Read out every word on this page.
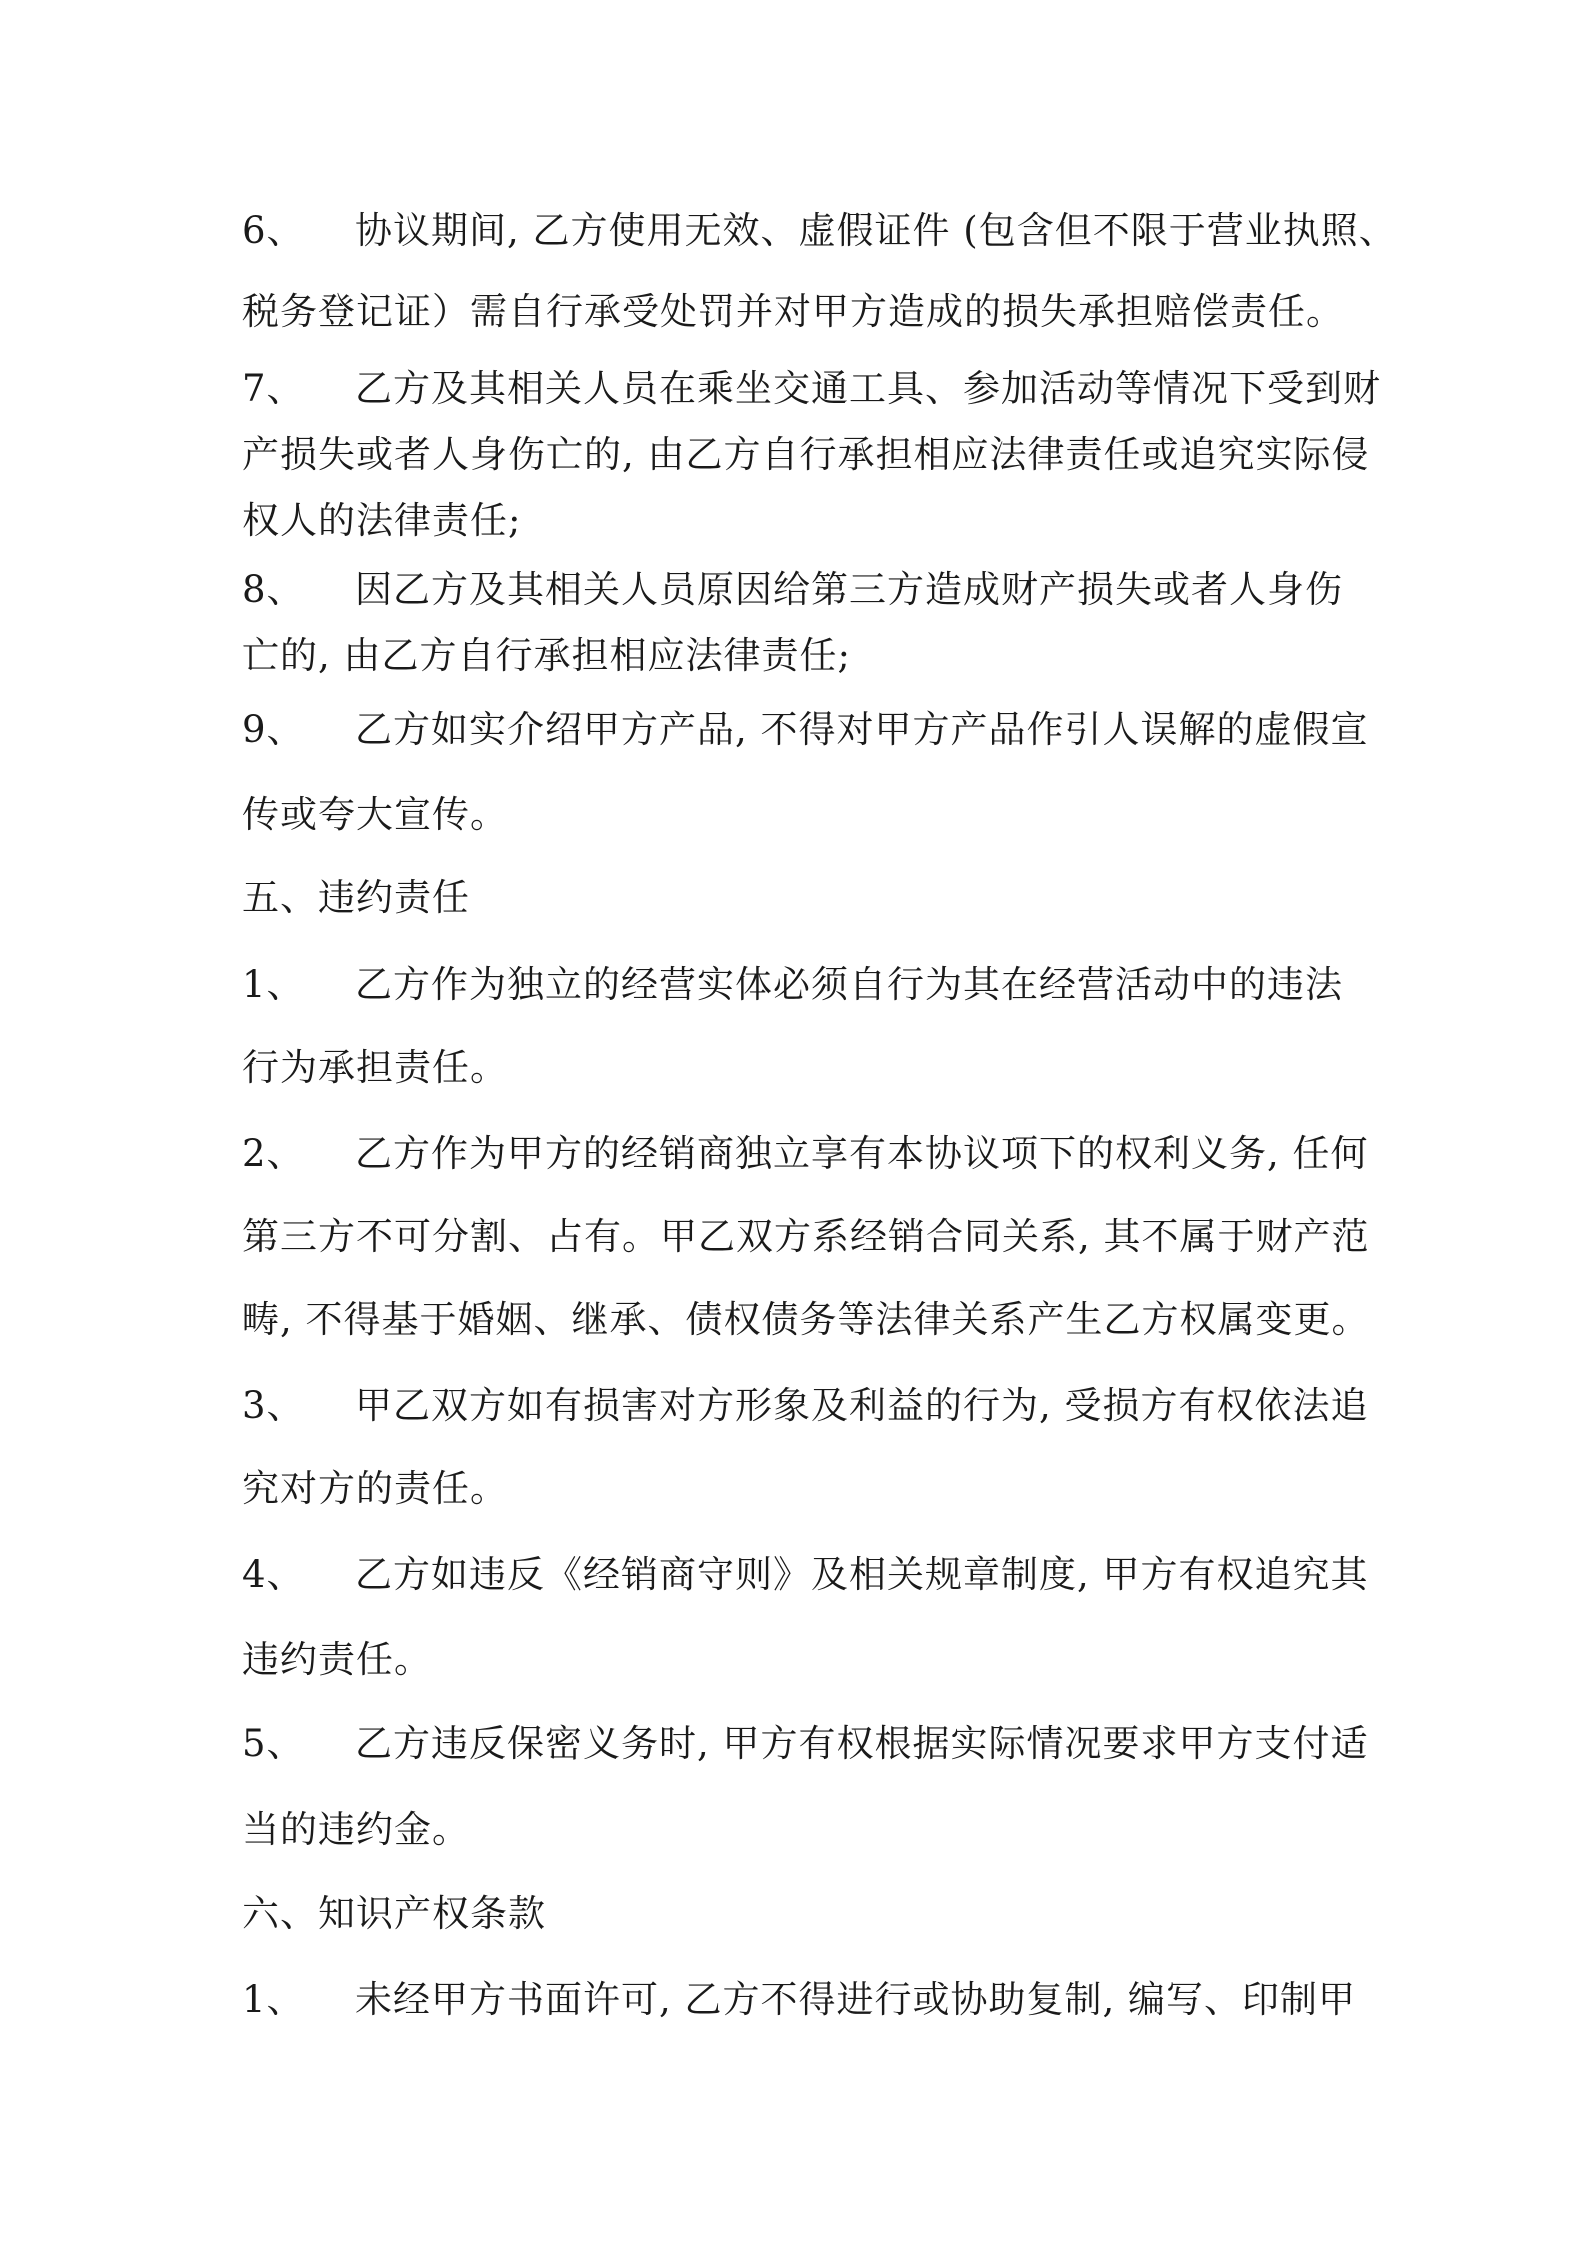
6、 协议期间, 乙方使用无效、虚假证件 (包含但不限于营业执照、
税务登记证）需自行承受处罚并对甲方造成的损失承担赔偿责任。
7、 乙方及其相关人员在乘坐交通工具、参加活动等情况下受到财
产损失或者人身伤亡的, 由乙方自行承担相应法律责任或追究实际侵
权人的法律责任;
8、 因乙方及其相关人员原因给第三方造成财产损失或者人身伤
亡的, 由乙方自行承担相应法律责任;
9、 乙方如实介绍甲方产品, 不得对甲方产品作引人误解的虚假宣
传或夸大宣传。
五、违约责任
1、 乙方作为独立的经营实体必须自行为其在经营活动中的违法
行为承担责任。
2、 乙方作为甲方的经销商独立享有本协议项下的权利义务, 任何
第三方不可分割、占有。甲乙双方系经销合同关系, 其不属于财产范
畴, 不得基于婚姻、继承、债权债务等法律关系产生乙方权属变更。
3、 甲乙双方如有损害对方形象及利益的行为, 受损方有权依法追
究对方的责任。
4、 乙方如违反《经销商守则》及相关规章制度, 甲方有权追究其
违约责任。
5、 乙方违反保密义务时, 甲方有权根据实际情况要求甲方支付适
当的违约金。
六、知识产权条款
1、 未经甲方书面许可, 乙方不得进行或协助复制, 编写、印制甲
